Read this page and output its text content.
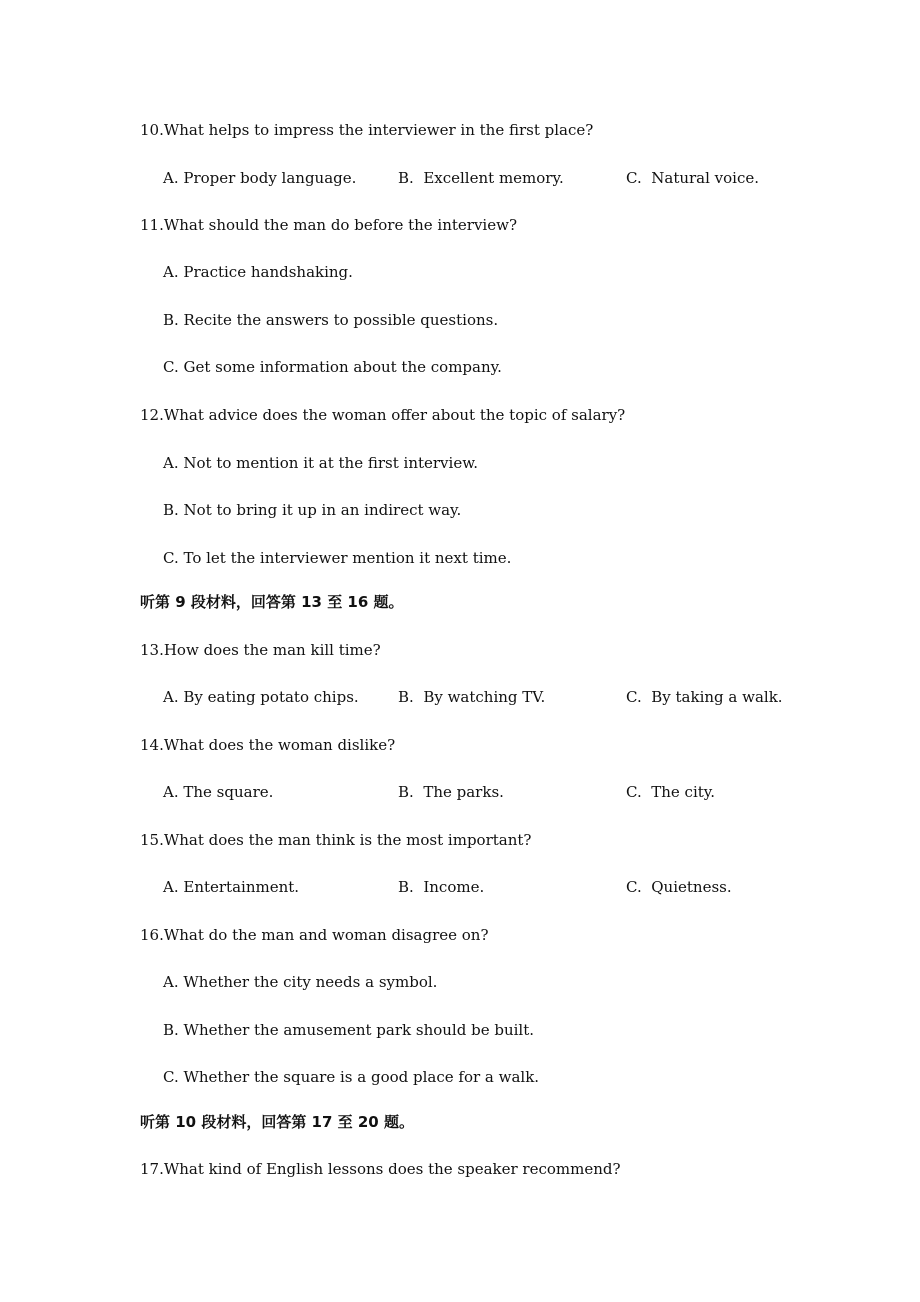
10.What helps to impress the interviewer in the first place?
A. Proper body language.	B.  Excellent memory.	C.  Natural voice.
11.What should the man do before the interview?
A. Practice handshaking.
B. Recite the answers to possible questions.
C. Get some information about the company.
12.What advice does the woman offer about the topic of salary?
A. Not to mention it at the first interview.
B. Not to bring it up in an indirect way.
C. To let the interviewer mention it next time.
听第 9 段材料，回答第 13 至 16 题。
13.How does the man kill time?
A. By eating potato chips.	B.  By watching TV.	C.  By taking a walk.
14.What does the woman dislike?
A. The square.	B.  The parks.	C.  The city.
15.What does the man think is the most important?
A. Entertainment.	B.  Income.	C.  Quietness.
16.What do the man and woman disagree on?
A. Whether the city needs a symbol.
B. Whether the amusement park should be built.
C. Whether the square is a good place for a walk.
听第 10 段材料，回答第 17 至 20 题。
17.What kind of English lessons does the speaker recommend?
